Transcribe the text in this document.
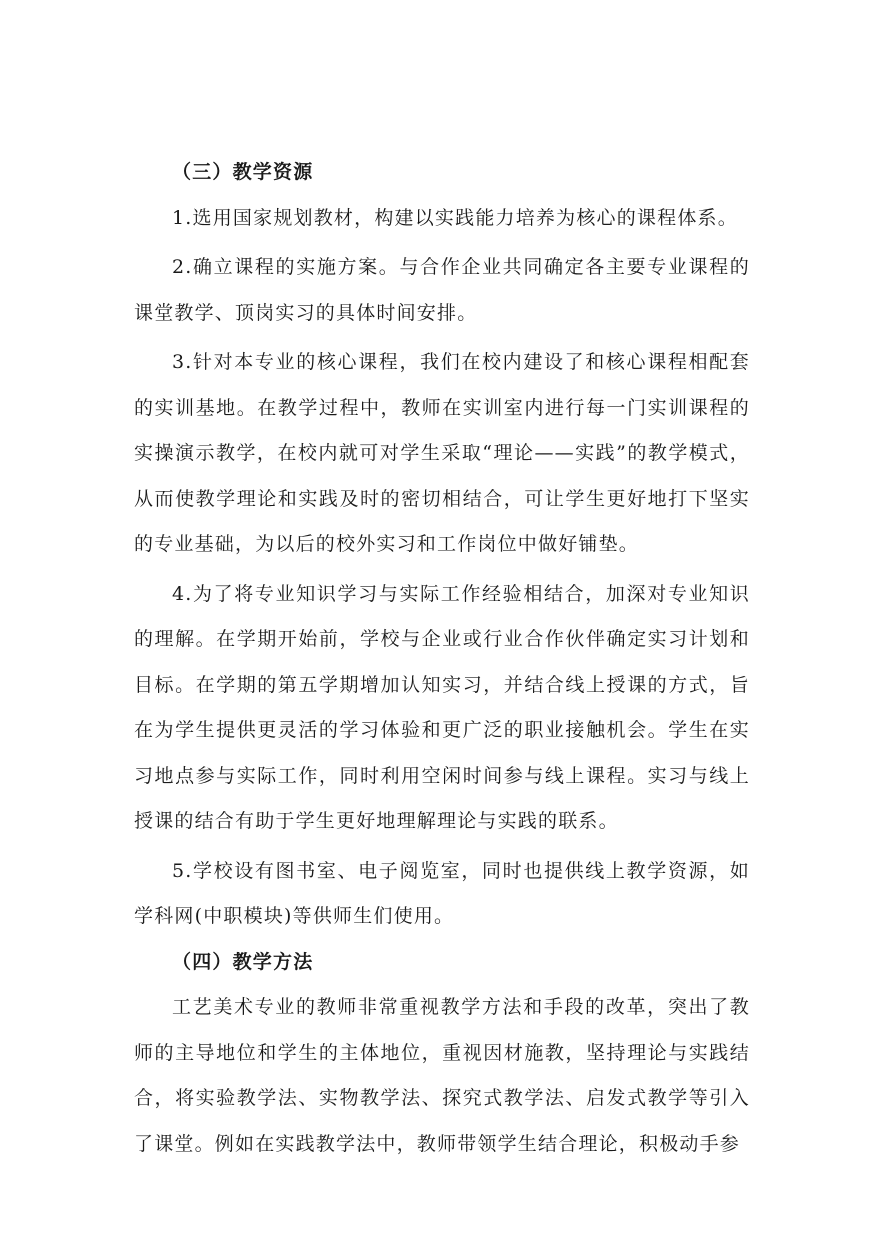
（三）教学资源

1.选用国家规划教材，构建以实践能力培养为核心的课程体系。

2.确立课程的实施方案。与合作企业共同确定各主要专业课程的课堂教学、顶岗实习的具体时间安排。

3.针对本专业的核心课程，我们在校内建设了和核心课程相配套的实训基地。在教学过程中，教师在实训室内进行每一门实训课程的实操演示教学，在校内就可对学生采取“理论——实践”的教学模式，从而使教学理论和实践及时的密切相结合，可让学生更好地打下坚实的专业基础，为以后的校外实习和工作岗位中做好铺垫。

4.为了将专业知识学习与实际工作经验相结合，加深对专业知识的理解。在学期开始前，学校与企业或行业合作伙伴确定实习计划和目标。在学期的第五学期增加认知实习，并结合线上授课的方式，旨在为学生提供更灵活的学习体验和更广泛的职业接触机会。学生在实习地点参与实际工作，同时利用空闲时间参与线上课程。实习与线上授课的结合有助于学生更好地理解理论与实践的联系。

5.学校设有图书室、电子阅览室，同时也提供线上教学资源，如学科网(中职模块)等供师生们使用。

（四）教学方法

工艺美术专业的教师非常重视教学方法和手段的改革，突出了教师的主导地位和学生的主体地位，重视因材施教，坚持理论与实践结合，将实验教学法、实物教学法、探究式教学法、启发式教学等引入了课堂。例如在实践教学法中，教师带领学生结合理论，积极动手参
